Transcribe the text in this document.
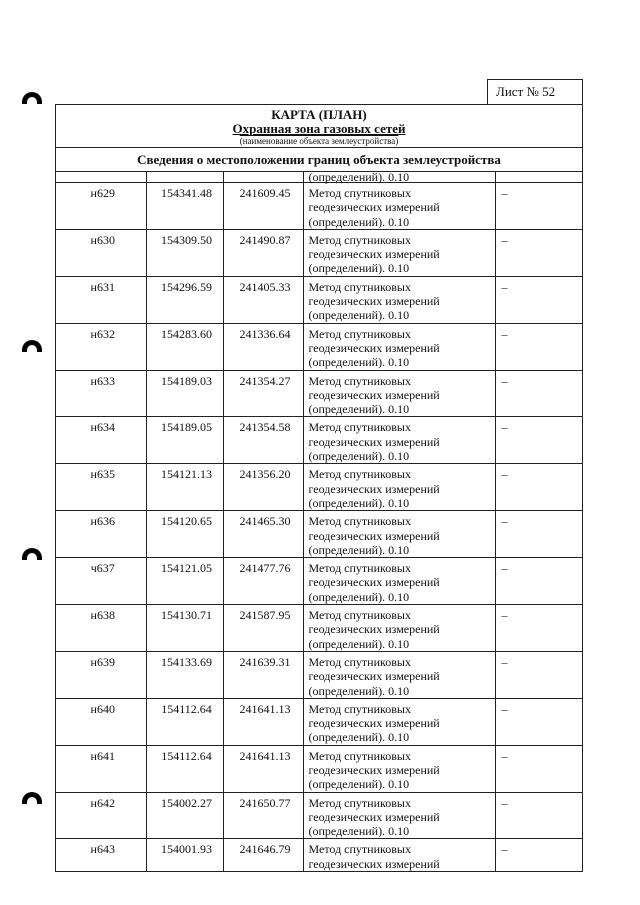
Лист № 52
КАРТА (ПЛАН)
Охранная зона газовых сетей
(наименование объекта землеустройства)
Сведения о местоположении границ объекта землеустройства
			(определений). 0.10	
н629	154341.48	241609.45	Метод спутниковых
геодезических измерений
(определений). 0.10	–
н630	154309.50	241490.87	Метод спутниковых
геодезических измерений
(определений). 0.10	–
н631	154296.59	241405.33	Метод спутниковых
геодезических измерений
(определений). 0.10	–
н632	154283.60	241336.64	Метод спутниковых
геодезических измерений
(определений). 0.10	–
н633	154189.03	241354.27	Метод спутниковых
геодезических измерений
(определений). 0.10	–
н634	154189.05	241354.58	Метод спутниковых
геодезических измерений
(определений). 0.10	–
н635	154121.13	241356.20	Метод спутниковых
геодезических измерений
(определений). 0.10	–
н636	154120.65	241465.30	Метод спутниковых
геодезических измерений
(определений). 0.10	–
ч637	154121.05	241477.76	Метод спутниковых
геодезических измерений
(определений). 0.10	–
н638	154130.71	241587.95	Метод спутниковых
геодезических измерений
(определений). 0.10	–
н639	154133.69	241639.31	Метод спутниковых
геодезических измерений
(определений). 0.10	–
н640	154112.64	241641.13	Метод спутниковых
геодезических измерений
(определений). 0.10	–
н641	154112.64	241641.13	Метод спутниковых
геодезических измерений
(определений). 0.10	–
н642	154002.27	241650.77	Метод спутниковых
геодезических измерений
(определений). 0.10	–
н643	154001.93	241646.79	Метод спутниковых
геодезических измерений	–
